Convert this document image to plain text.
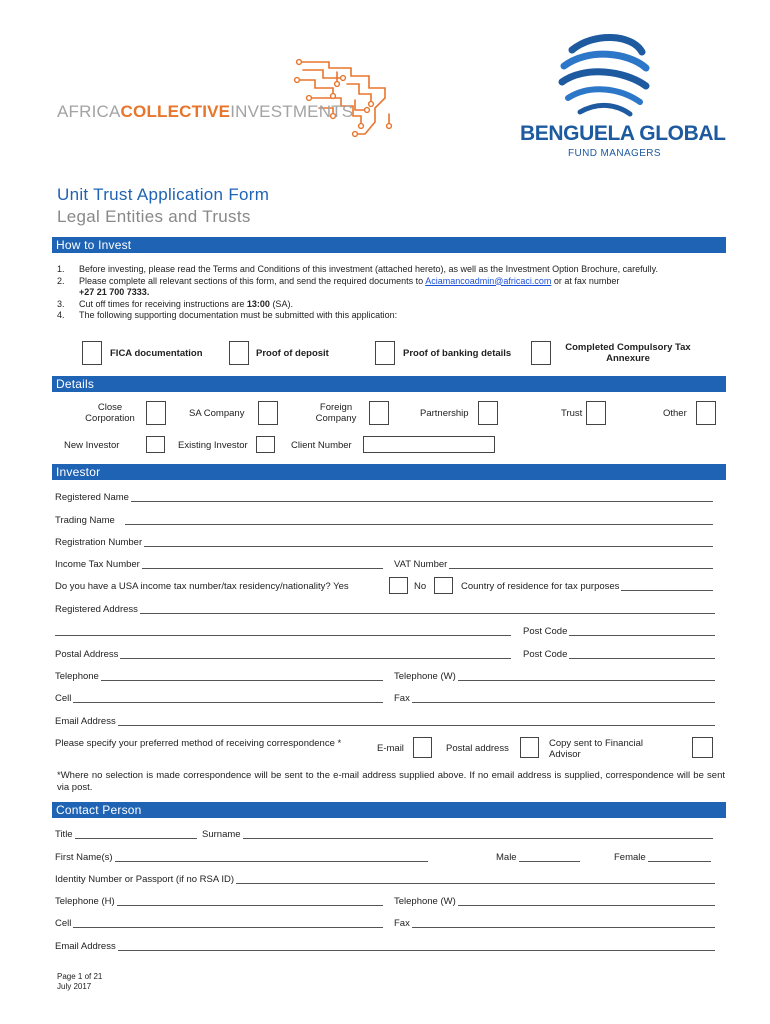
AFRICACOLLECTIVEINVESTMENTS
BENGUELA GLOBAL
FUND MANAGERS
Unit Trust Application Form
Legal Entities and Trusts
How to Invest
1. Before investing, please read the Terms and Conditions of this investment (attached hereto), as well as the Investment Option Brochure, carefully.
2. Please complete all relevant sections of this form, and send the required documents to Aciamancoadmin@africaci.com or at fax number
+27 21 700 7333.
3. Cut off times for receiving instructions are 13:00 (SA).
4. The following supporting documentation must be submitted with this application:
FICA documentation	Proof of deposit	Proof of banking details
Completed Compulsory Tax Annexure
Details
Close Corporation	SA Company
Foreign Company	Partnership	Trust	Other
New Investor	Existing Investor	Client Number
Investor
Registered Name
Trading Name
Registration Number
Income Tax Number	VAT Number
Do you have a USA income tax number/tax residency/nationality? Yes	No	Country of residence for tax purposes
Registered Address
Post Code
Postal Address	Post Code
Telephone	Telephone (W)
Cell	Fax
Email Address
Please specify your preferred method of receiving correspondence *	E-mail	Postal address	Copy sent to Financial Advisor
*Where no selection is made correspondence will be sent to the e-mail address supplied above. If no email address is supplied, correspondence will be sent via post.
Contact Person
Title	Surname
First Name(s)	Male	Female
Identity Number or Passport (if no RSA ID)
Telephone (H)	Telephone (W)
Cell	Fax
Email Address
Page 1 of 21
July 2017
